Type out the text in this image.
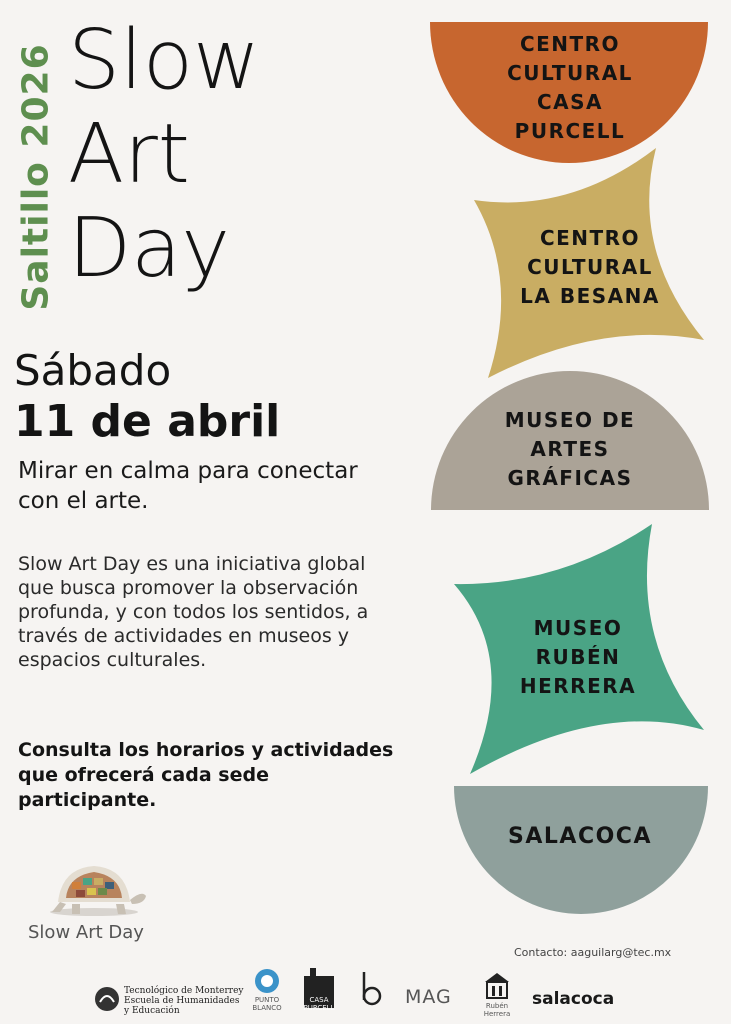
Saltillo 2026 Slow
Art
Day
Sábado
11 de abril
Mirar en calma para conectar con el arte.
Slow Art Day es una iniciativa global que busca promover la observación profunda, y con todos los sentidos, a través de actividades en museos y espacios culturales.
Consulta los horarios y actividades que ofrecerá cada sede participante.
Slow Art Day
CENTRO
CULTURAL
CASA
PURCELL
CENTRO
CULTURAL
LA BESANA
MUSEO DE
ARTES
GRÁFICAS
MUSEO
RUBÉN
HERRERA
SALACOCA
Contacto: aaguilarg@tec.mx
Tecnológico de Monterrey
Escuela de Humanidades
y Educación
PUNTO BLANCO
CASA PURCELL	MAG	Rubén Herrera
salacoca
